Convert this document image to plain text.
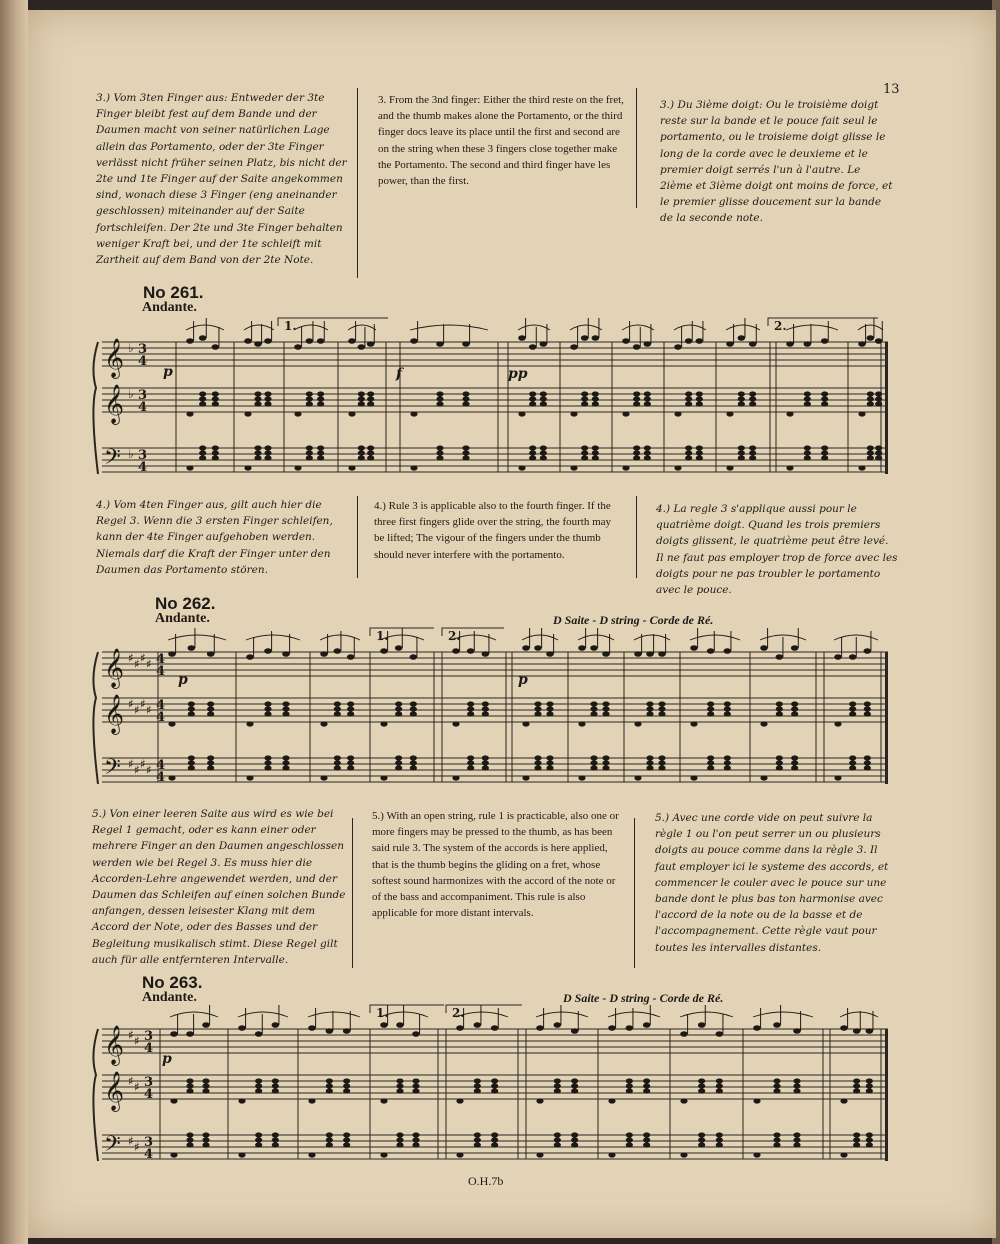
13
3.) Vom 3ten Finger aus: Entweder der 3te Finger bleibt fest auf dem Bande und der Daumen macht von seiner natürlichen Lage allein das Portamento, oder der 3te Finger verlässt nicht früher seinen Platz, bis nicht der 2te und 1te Finger auf der Saite angekommen sind, wonach diese 3 Finger (eng aneinander geschlossen) miteinander auf der Saite fortschleifen. Der 2te und 3te Finger behalten weniger Kraft bei, und der 1te schleift mit Zartheit auf dem Band von der 2te Note.
3. From the 3nd finger: Either the third reste on the fret, and the thumb makes alone the Portamento, or the third finger docs leave its place until the first and second are on the string when these 3 fingers close together make the Portamento. The second and third finger have les power, than the first.
3.) Du 3ième doigt: Ou le troisième doigt reste sur la bande et le pouce fait seul le portamento, ou le troisieme doigt glisse le long de la corde avec le deuxieme et le premier doigt serrés l'un à l'autre. Le 2ième et 3ième doigt ont moins de force, et le premier glisse doucement sur la bande de la seconde note.
No 261.
Andante.
𝄞 ♭ 3
4
𝄞 ♭ 3
4
𝄢 ♭ 3
4
1.	2.
p	f	pp
4.) Vom 4ten Finger aus, gilt auch hier die Regel 3. Wenn die 3 ersten Finger schleifen, kann der 4te Finger aufgehoben werden. Niemals darf die Kraft der Finger unter den Daumen das Portamento stören.
4.) Rule 3 is applicable also to the fourth finger. If the three first fingers glide over the string, the fourth may be lifted; The vigour of the fingers under the thumb should never interfere with the portamento.
4.) La regle 3 s'applique aussi pour le quatrième doigt. Quand les trois premiers doigts glissent, le quatrième peut être levé. Il ne faut pas employer trop de force avec les doigts pour ne pas troubler le portamento avec le pouce.
No 262.
Andante.	D Saite - D string - Corde de Ré.
𝄞 ♯ ♯ ♯ ♯ 4
4
𝄞 ♯ ♯ ♯ ♯ 4
4
𝄢 ♯ ♯ ♯ ♯ 4
4
1.	2.
p	p
5.) Von einer leeren Saite aus wird es wie bei Regel 1 gemacht, oder es kann einer oder mehrere Finger an den Daumen angeschlossen werden wie bei Regel 3. Es muss hier die Accorden-Lehre angewendet werden, und der Daumen das Schleifen auf einen solchen Bunde anfangen, dessen leisester Klang mit dem Accord der Note, oder des Basses und der Begleitung musikalisch stimt. Diese Regel gilt auch für alle entfernteren Intervalle.
5.) With an open string, rule 1 is practicable, also one or more fingers may be pressed to the thumb, as has been said rule 3. The system of the accords is here applied, that is the thumb begins the gliding on a fret, whose softest sound harmonizes with the accord of the note or of the bass and accompaniment. This rule is also applicable for more distant intervals.
5.) Avec une corde vide on peut suivre la règle 1 ou l'on peut serrer un ou plusieurs doigts au pouce comme dans la règle 3. Il faut employer ici le systeme des accords, et commencer le couler avec le pouce sur une bande dont le plus bas ton harmonise avec l'accord de la note ou de la basse et de l'accompagnement. Cette règle vaut pour toutes les intervalles distantes.
No 263.
Andante.	D Saite - D string - Corde de Ré.
𝄞 ♯ ♯ 3
4
𝄞 ♯ ♯ 3
4
𝄢 ♯ ♯ 3
4
1.	2.
p
O.H.7b
